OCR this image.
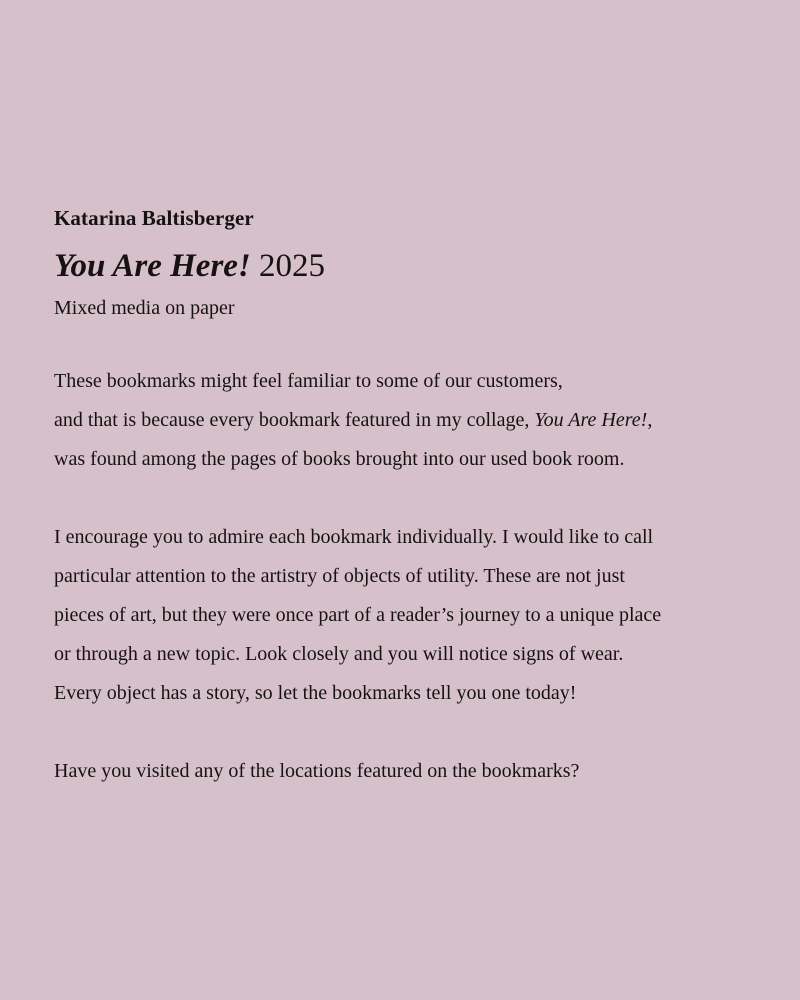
Katarina Baltisberger

You Are Here! 2025

Mixed media on paper

These bookmarks might feel familiar to some of our customers,
and that is because every bookmark featured in my collage, You Are Here!,
was found among the pages of books brought into our used book room.

I encourage you to admire each bookmark individually. I would like to call
particular attention to the artistry of objects of utility. These are not just
pieces of art, but they were once part of a reader’s journey to a unique place
or through a new topic. Look closely and you will notice signs of wear.
Every object has a story, so let the bookmarks tell you one today!

Have you visited any of the locations featured on the bookmarks?
